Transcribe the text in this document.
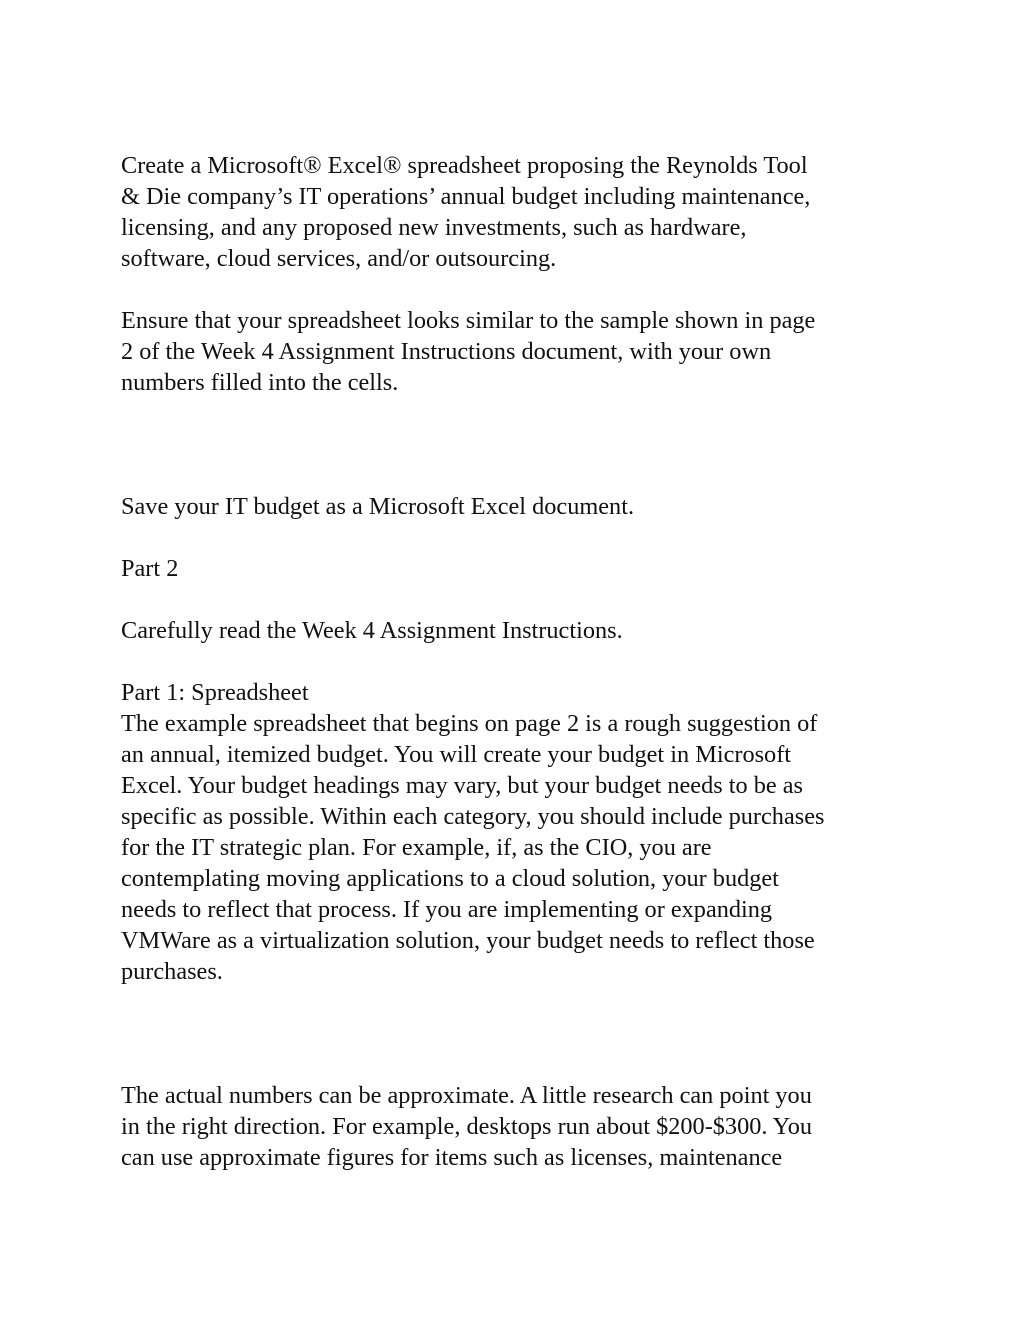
Create a Microsoft® Excel® spreadsheet proposing the Reynolds Tool
& Die company’s IT operations’ annual budget including maintenance,
licensing, and any proposed new investments, such as hardware,
software, cloud services, and/or outsourcing.

Ensure that your spreadsheet looks similar to the sample shown in page
2 of the Week 4 Assignment Instructions document, with your own
numbers filled into the cells.

Save your IT budget as a Microsoft Excel document.

Part 2

Carefully read the Week 4 Assignment Instructions.

Part 1: Spreadsheet
The example spreadsheet that begins on page 2 is a rough suggestion of
an annual, itemized budget. You will create your budget in Microsoft
Excel. Your budget headings may vary, but your budget needs to be as
specific as possible. Within each category, you should include purchases
for the IT strategic plan. For example, if, as the CIO, you are
contemplating moving applications to a cloud solution, your budget
needs to reflect that process. If you are implementing or expanding
VMWare as a virtualization solution, your budget needs to reflect those
purchases.

The actual numbers can be approximate. A little research can point you
in the right direction. For example, desktops run about $200-$300. You
can use approximate figures for items such as licenses, maintenance
